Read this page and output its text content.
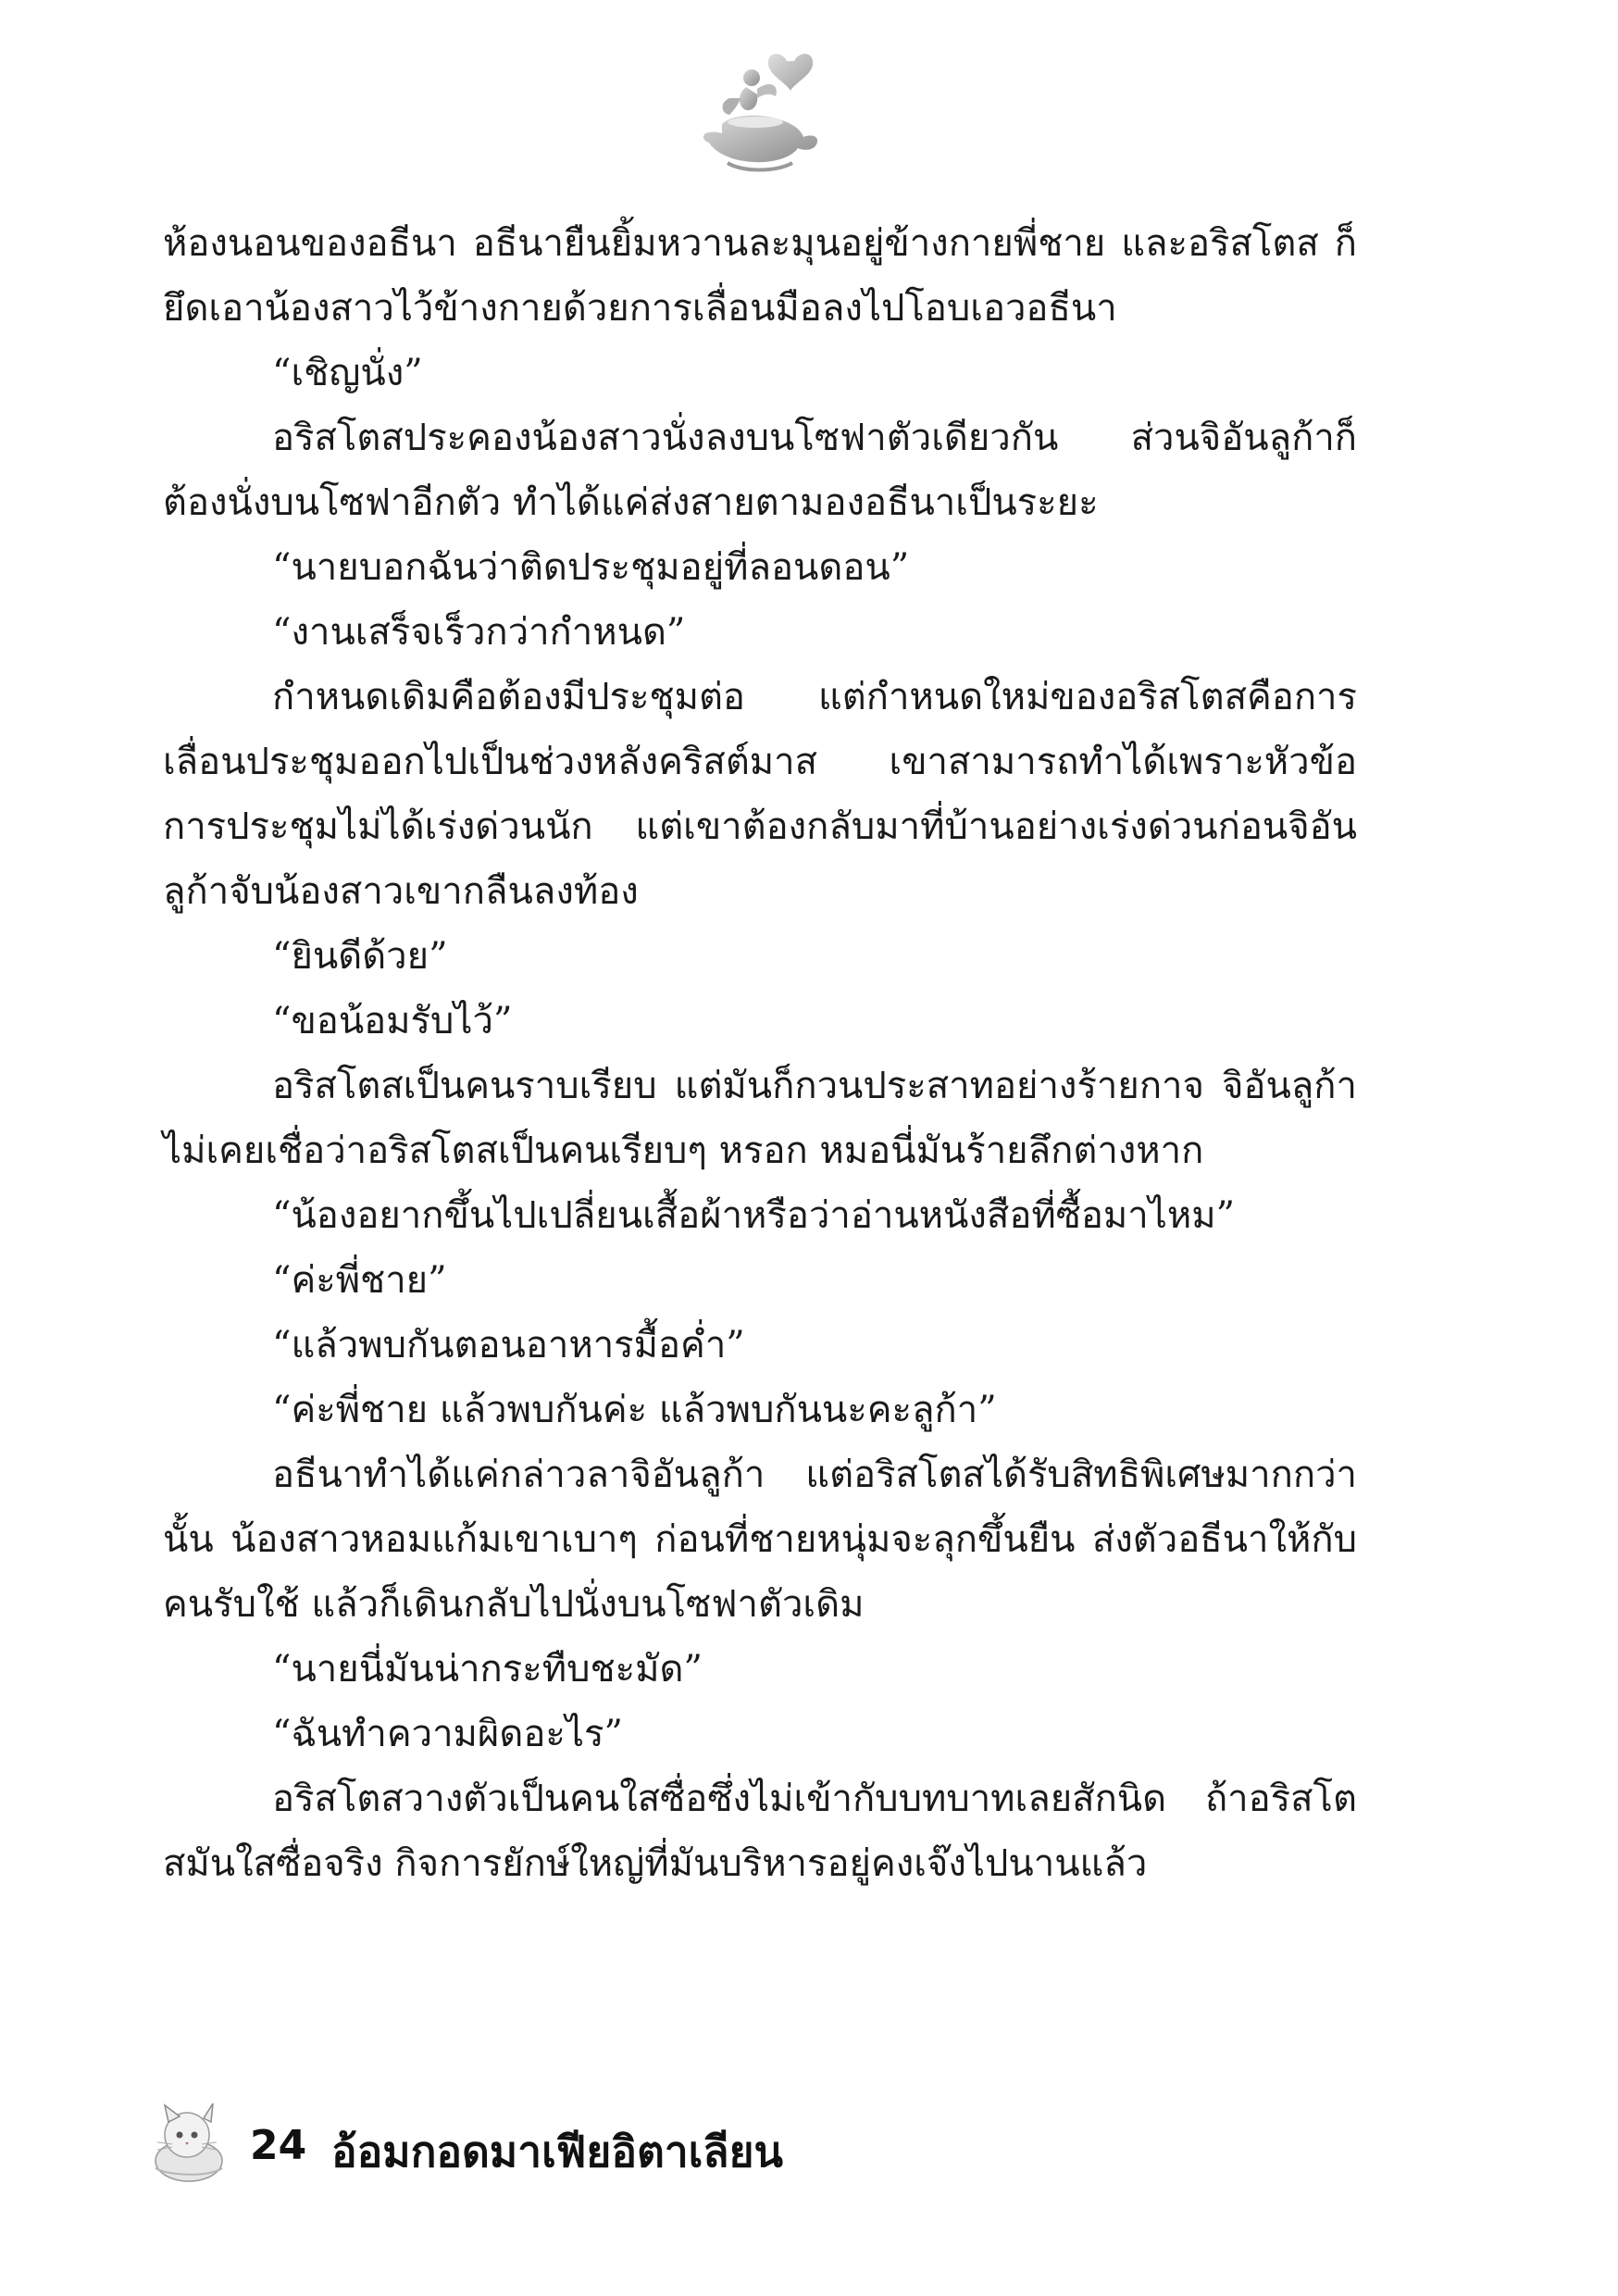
ห้องนอนของอธีนา อธีนายืนยิ้มหวานละมุนอยู่ข้างกายพี่ชาย และอริสโตส ก็ยึดเอาน้องสาวไว้ข้างกายด้วยการเลื่อนมือลงไปโอบเอวอธีนา

“เชิญนั่ง”

อริสโตสประคองน้องสาวนั่งลงบนโซฟาตัวเดียวกัน ส่วนจิอันลูก้าก็ต้องนั่งบนโซฟาอีกตัว ทำได้แค่ส่งสายตามองอธีนาเป็นระยะ

“นายบอกฉันว่าติดประชุมอยู่ที่ลอนดอน”

“งานเสร็จเร็วกว่ากำหนด”

กำหนดเดิมคือต้องมีประชุมต่อ แต่กำหนดใหม่ของอริสโตสคือการเลื่อนประชุมออกไปเป็นช่วงหลังคริสต์มาส เขาสามารถทำได้เพราะหัวข้อการประชุมไม่ได้เร่งด่วนนัก แต่เขาต้องกลับมาที่บ้านอย่างเร่งด่วนก่อนจิอันลูก้าจับน้องสาวเขากลืนลงท้อง

“ยินดีด้วย”

“ขอน้อมรับไว้”

อริสโตสเป็นคนราบเรียบ แต่มันก็กวนประสาทอย่างร้ายกาจ จิอันลูก้าไม่เคยเชื่อว่าอริสโตสเป็นคนเรียบๆ หรอก หมอนี่มันร้ายลึกต่างหาก

“น้องอยากขึ้นไปเปลี่ยนเสื้อผ้าหรือว่าอ่านหนังสือที่ซื้อมาไหม”

“ค่ะพี่ชาย”

“แล้วพบกันตอนอาหารมื้อค่ำ”

“ค่ะพี่ชาย แล้วพบกันค่ะ แล้วพบกันนะคะลูก้า”

อธีนาทำได้แค่กล่าวลาจิอันลูก้า แต่อริสโตสได้รับสิทธิพิเศษมากกว่านั้น น้องสาวหอมแก้มเขาเบาๆ ก่อนที่ชายหนุ่มจะลุกขึ้นยืน ส่งตัวอธีนาให้กับคนรับใช้ แล้วก็เดินกลับไปนั่งบนโซฟาตัวเดิม

“นายนี่มันน่ากระทืบชะมัด”

“ฉันทำความผิดอะไร”

อริสโตสวางตัวเป็นคนใสซื่อซึ่งไม่เข้ากับบทบาทเลยสักนิด ถ้าอริสโตสมันใสซื่อจริง กิจการยักษ์ใหญ่ที่มันบริหารอยู่คงเจ๊งไปนานแล้ว

24 อ้อมกอดมาเฟียอิตาเลียน
